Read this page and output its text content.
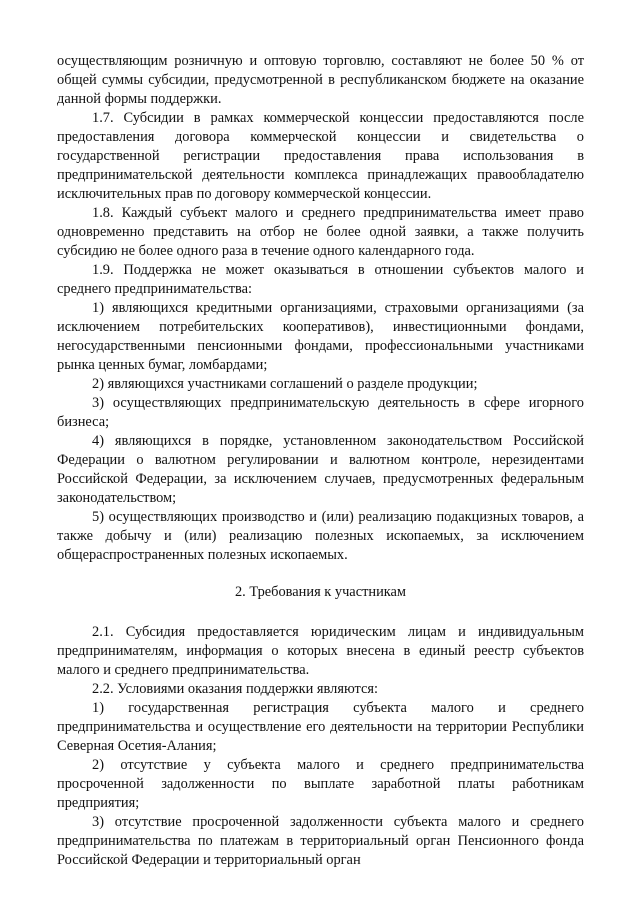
осуществляющим розничную и оптовую торговлю, составляют не более 50 % от общей суммы субсидии, предусмотренной в республиканском бюджете на оказание данной формы поддержки.

1.7. Субсидии в рамках коммерческой концессии предоставляются после предоставления договора коммерческой концессии и свидетельства о государственной регистрации предоставления права использования в предпринимательской деятельности комплекса принадлежащих правообладателю исключительных прав по договору коммерческой концессии.

1.8. Каждый субъект малого и среднего предпринимательства имеет право одновременно представить на отбор не более одной заявки, а также получить субсидию не более одного раза в течение одного календарного года.

1.9. Поддержка не может оказываться в отношении субъектов малого и среднего предпринимательства:

1) являющихся кредитными организациями, страховыми организациями (за исключением потребительских кооперативов), инвестиционными фондами, негосударственными пенсионными фондами, профессиональными участниками рынка ценных бумаг, ломбардами;

2) являющихся участниками соглашений о разделе продукции;

3) осуществляющих предпринимательскую деятельность в сфере игорного бизнеса;

4) являющихся в порядке, установленном законодательством Российской Федерации о валютном регулировании и валютном контроле, нерезидентами Российской Федерации, за исключением случаев, предусмотренных федеральным законодательством;

5) осуществляющих производство и (или) реализацию подакцизных товаров, а также добычу и (или) реализацию полезных ископаемых, за исключением общераспространенных полезных ископаемых.

2. Требования к участникам

2.1. Субсидия предоставляется юридическим лицам и индивидуальным предпринимателям, информация о которых внесена в единый реестр субъектов малого и среднего предпринимательства.

2.2. Условиями оказания поддержки являются:

1) государственная регистрация субъекта малого и среднего предпринимательства и осуществление его деятельности на территории Республики Северная Осетия-Алания;

2) отсутствие у субъекта малого и среднего предпринимательства просроченной задолженности по выплате заработной платы работникам предприятия;

3) отсутствие просроченной задолженности субъекта малого и среднего предпринимательства по платежам в территориальный орган Пенсионного фонда Российской Федерации и территориальный орган
